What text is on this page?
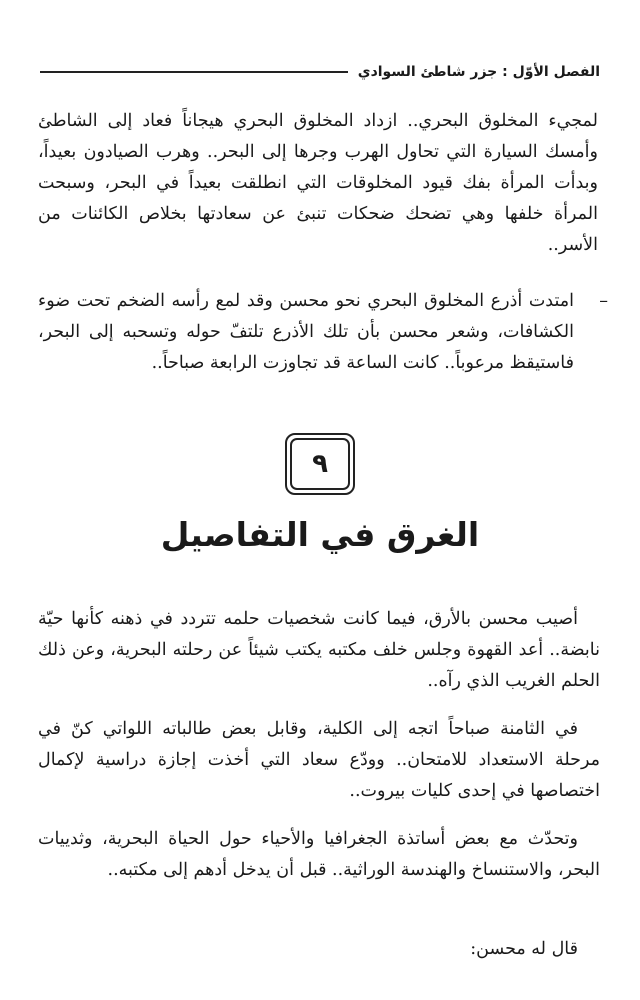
الفصل الأوّل : جزر شاطئ السوادي

لمجيء المخلوق البحري.. ازداد المخلوق البحري هيجاناً فعاد إلى الشاطئ وأمسك السيارة التي تحاول الهرب وجرها إلى البحر.. وهرب الصيادون بعيداً، وبدأت المرأة بفك قيود المخلوقات التي انطلقت بعيداً في البحر، وسبحت المرأة خلفها وهي تضحك ضحكات تنبئ عن سعادتها بخلاص الكائنات من الأسر..

–
امتدت أذرع المخلوق البحري نحو محسن وقد لمع رأسه الضخم تحت ضوء الكشافات، وشعر محسن بأن تلك الأذرع تلتفّ حوله وتسحبه إلى البحر، فاستيقظ مرعوباً.. كانت الساعة قد تجاوزت الرابعة صباحاً..
٩
الغرق في التفاصيل

أصيب محسن بالأرق، فيما كانت شخصيات حلمه تتردد في ذهنه كأنها حيّة نابضة.. أعد القهوة وجلس خلف مكتبه يكتب شيئاً عن رحلته البحرية، وعن ذلك الحلم الغريب الذي رآه..

في الثامنة صباحاً اتجه إلى الكلية، وقابل بعض طالباته اللواتي كنّ في مرحلة الاستعداد للامتحان.. وودّع سعاد التي أخذت إجازة دراسية لإكمال اختصاصها في إحدى كليات بيروت..

وتحدّث مع بعض أساتذة الجغرافيا والأحياء حول الحياة البحرية، وثدييات البحر، والاستنساخ والهندسة الوراثية.. قبل أن يدخل أدهم إلى مكتبه..

قال له محسن:
